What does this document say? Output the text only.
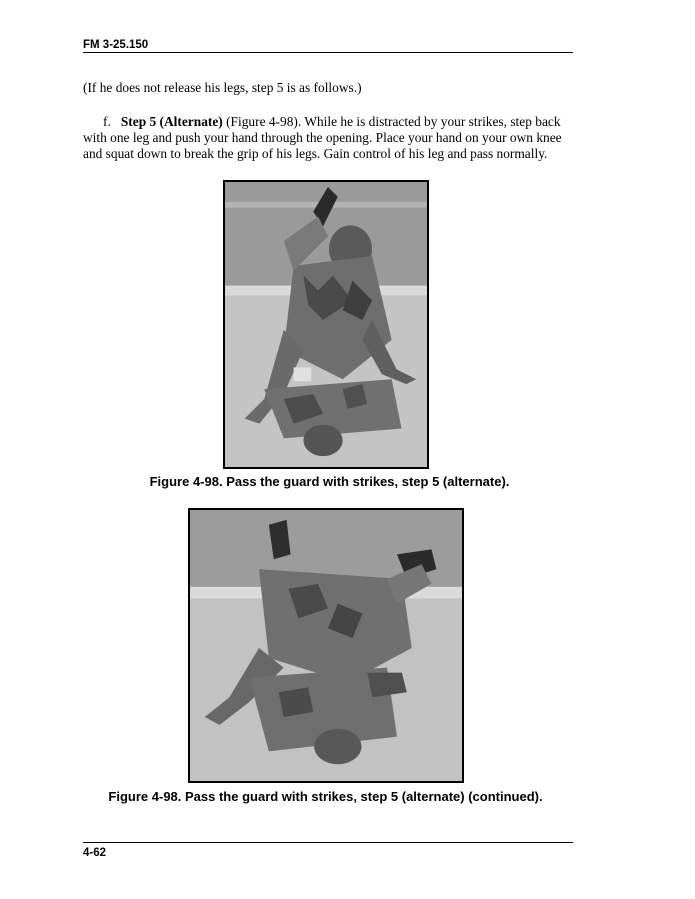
FM 3-25.150

(If he does not release his legs, step 5 is as follows.)

f. Step 5 (Alternate) (Figure 4-98). While he is distracted by your strikes, step back with one leg and push your hand through the opening. Place your hand on your own knee and squat down to break the grip of his legs. Gain control of his leg and pass normally.

Figure 4-98. Pass the guard with strikes, step 5 (alternate).
Figure 4-98. Pass the guard with strikes, step 5 (alternate) (continued).
4-62
